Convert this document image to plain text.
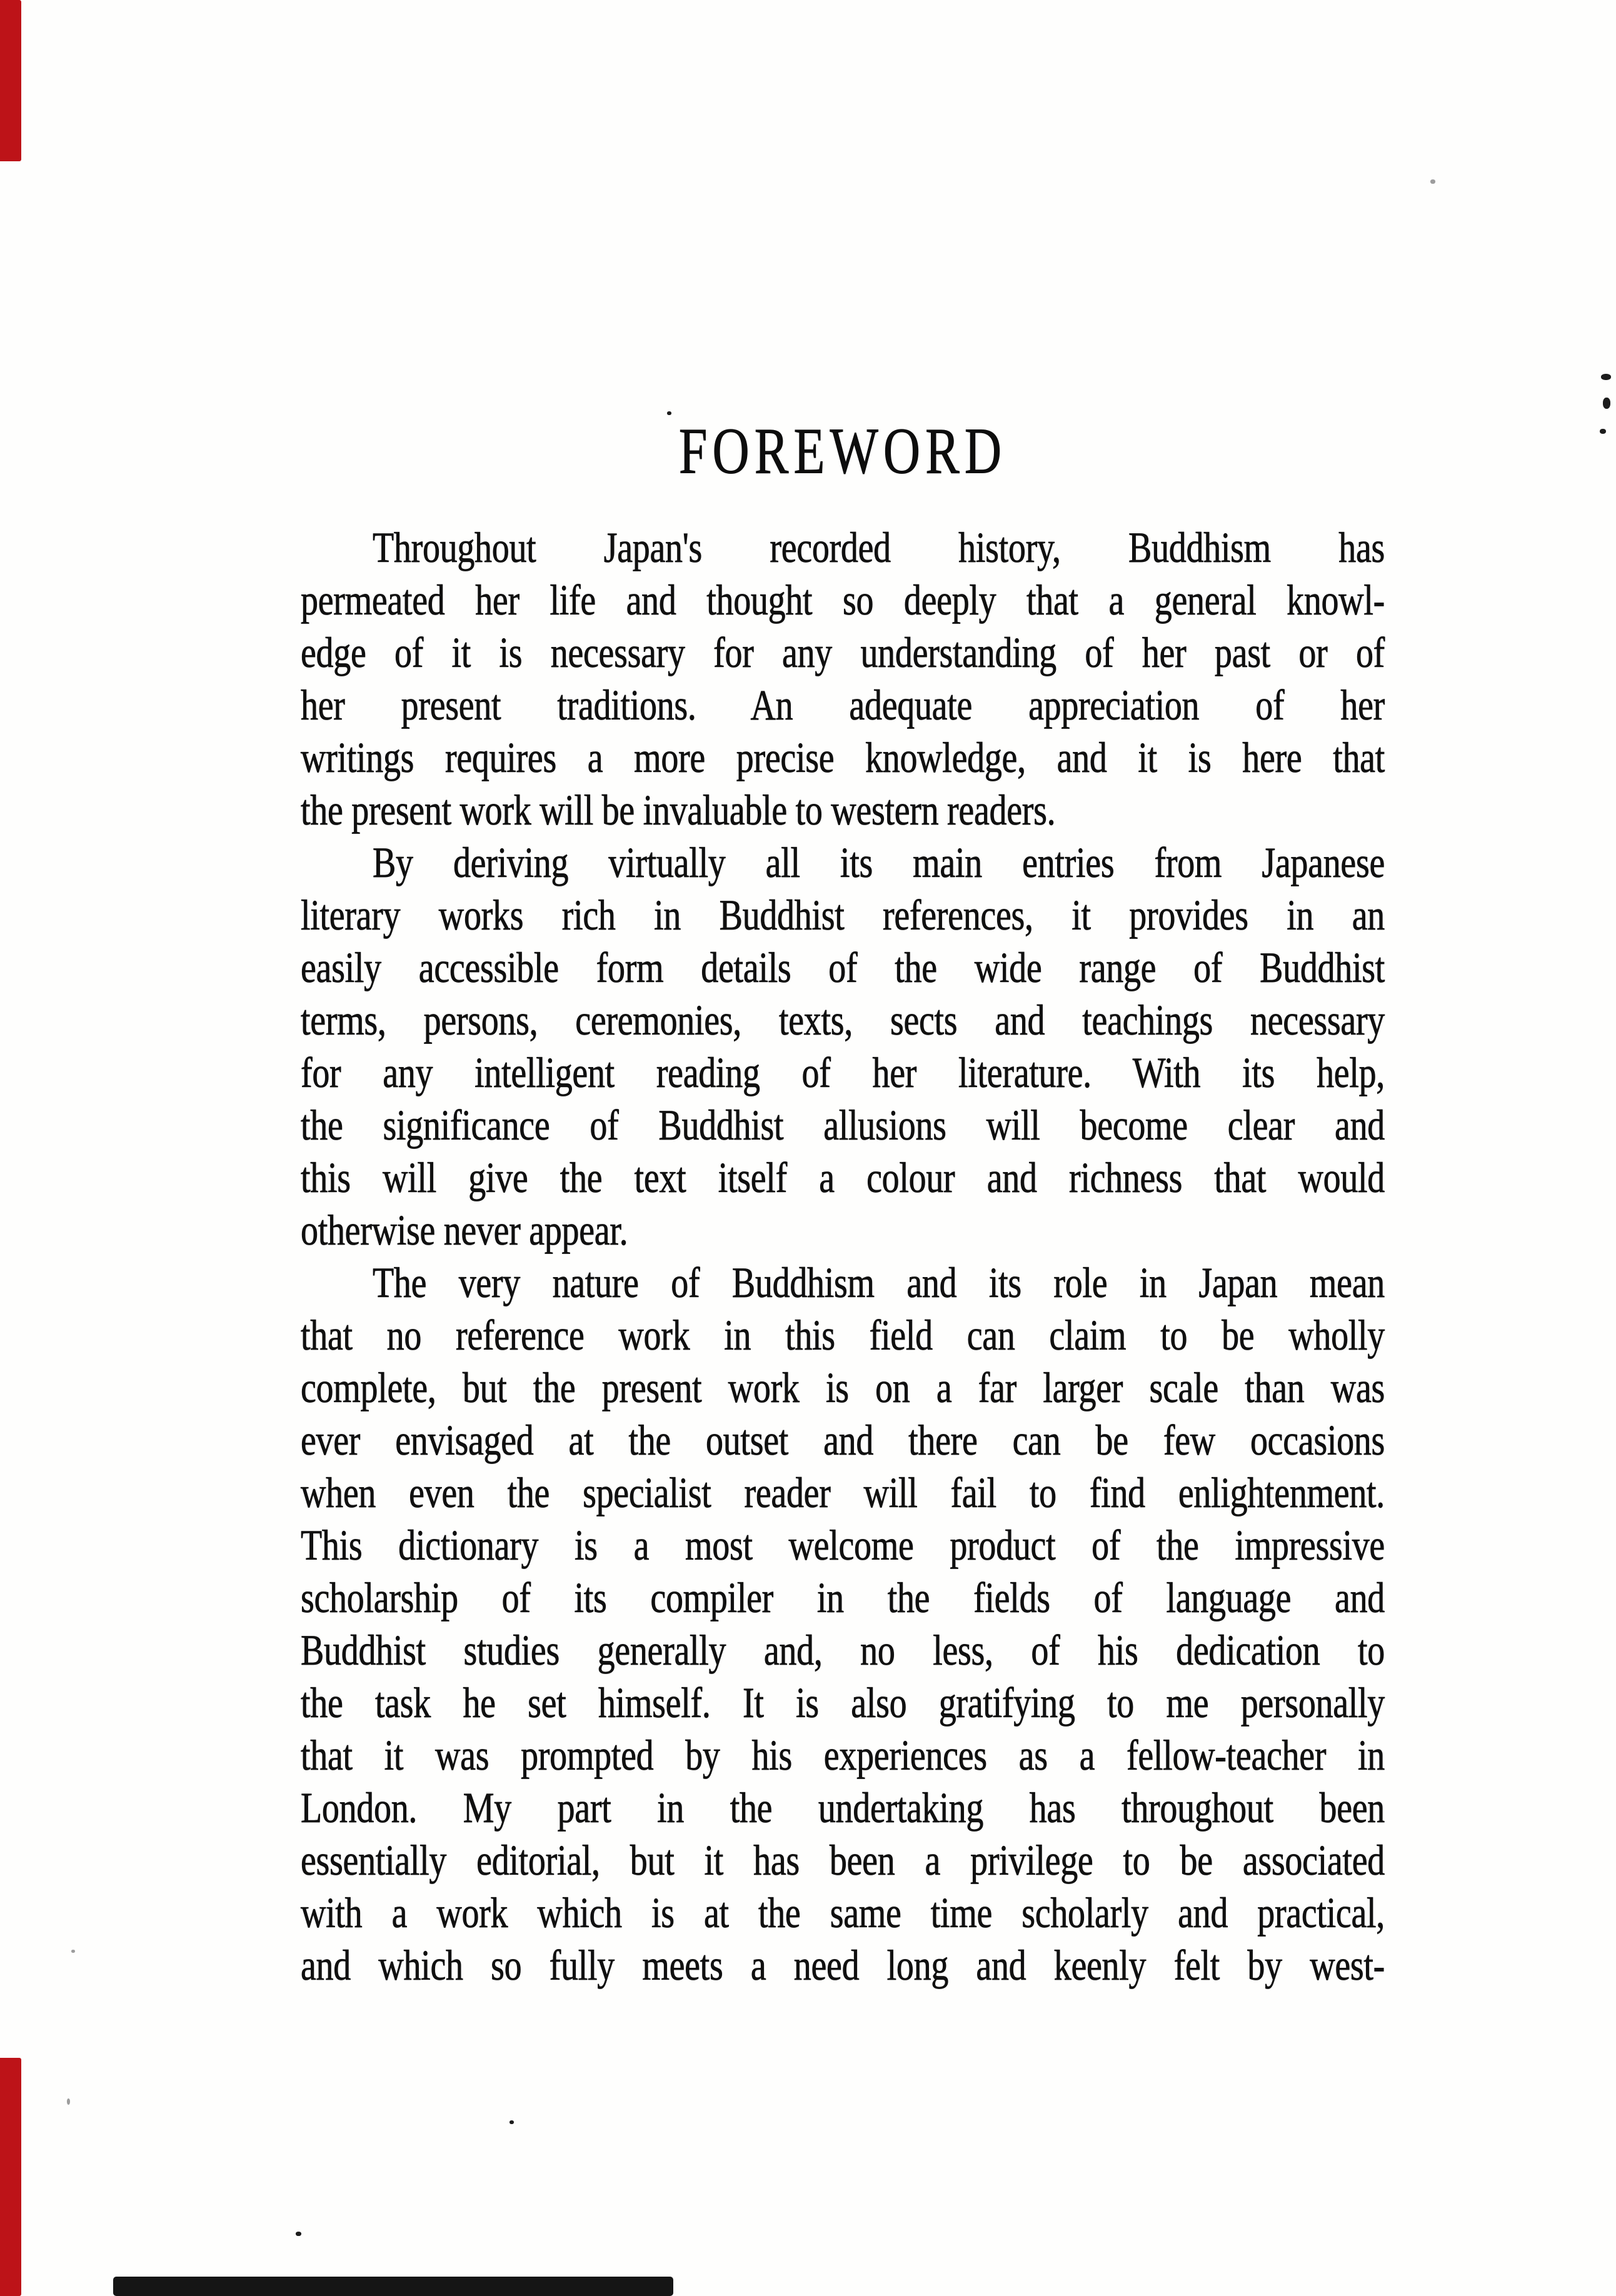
FOREWORD
Throughout Japan's recorded history, Buddhism has
permeated her life and thought so deeply that a general knowl-
edge of it is necessary for any understanding of her past or of
her present traditions. An adequate appreciation of her
writings requires a more precise knowledge, and it is here that
the present work will be invaluable to western readers.
By deriving virtually all its main entries from Japanese
literary works rich in Buddhist references, it provides in an
easily accessible form details of the wide range of Buddhist
terms, persons, ceremonies, texts, sects and teachings necessary
for any intelligent reading of her literature. With its help,
the significance of Buddhist allusions will become clear and
this will give the text itself a colour and richness that would
otherwise never appear.
The very nature of Buddhism and its role in Japan mean
that no reference work in this field can claim to be wholly
complete, but the present work is on a far larger scale than was
ever envisaged at the outset and there can be few occasions
when even the specialist reader will fail to find enlightenment.
This dictionary is a most welcome product of the impressive
scholarship of its compiler in the fields of language and
Buddhist studies generally and, no less, of his dedication to
the task he set himself. It is also gratifying to me personally
that it was prompted by his experiences as a fellow-teacher in
London. My part in the undertaking has throughout been
essentially editorial, but it has been a privilege to be associated
with a work which is at the same time scholarly and practical,
and which so fully meets a need long and keenly felt by west-
